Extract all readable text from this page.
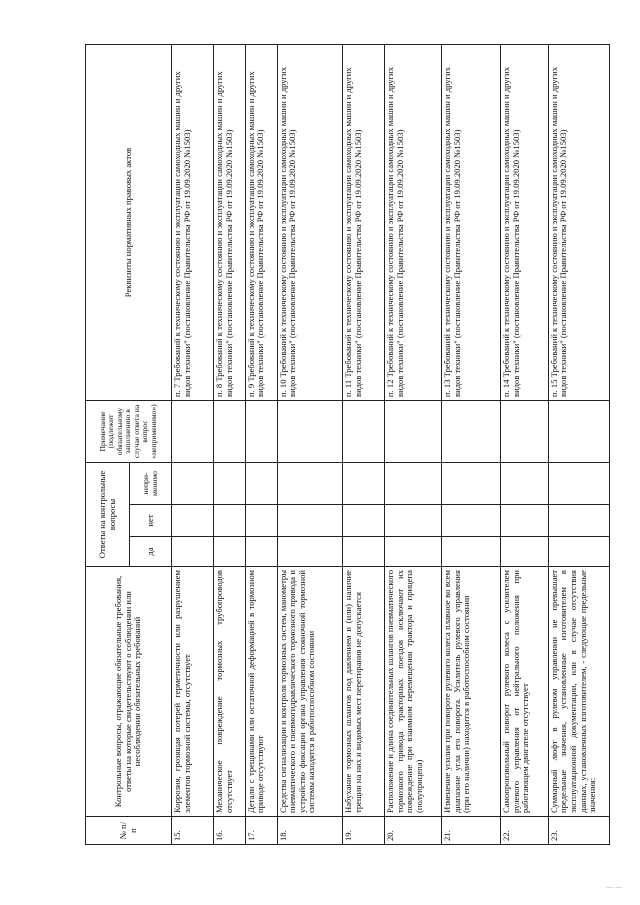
№ п/п	Контрольные вопросы, отражающие обязательные требования, ответы на которые свидетельствуют о соблюдении или несоблюдении обязательных требований	Ответы на контрольные вопросы			Примечание (подлежит обязательному заполнению в случае ответа на вопрос «неприменимо»)	Реквизиты нормативных правовых актов
		да	нет	непри-менимо		
15.	Коррозия, грозящая потерей герметичности или разрушением элементов тормозной системы, отсутствует					п. 7 Требований к техническому состоянию и эксплуатации самоходных машин и других видов техники" (постановление Правительства РФ от 19.09.2020 №1503)
16.	Механическое повреждение тормозных трубопроводов отсутствует					п. 8 Требований к техническому состоянию и эксплуатации самоходных машин и других видов техники" (постановление Правительства РФ от 19.09.2020 №1503)
17.	Детали с трещинами или остаточной деформацией в тормозном приводе отсутствуют					п. 9 Требований к техническому состоянию и эксплуатации самоходных машин и других видов техники" (постановление Правительства РФ от 19.09.2020 №1503)
18.	Средства сигнализации и контроля тормозных систем, манометры пневматического и пневмогидравлического тормозного привода и устройство фиксации органа управления стояночной тормозной системы находятся в работоспособном состоянии					п. 10 Требований к техническому состоянию и эксплуатации самоходных машин и других видов техники" (постановление Правительства РФ от 19.09.2020 №1503)
19.	Набухание тормозных шлангов под давлением и (или) наличие трещин на них и видимых мест перетирания не допускается					п. 11 Требований к техническому состоянию и эксплуатации самоходных машин и других видов техники" (постановление Правительства РФ от 19.09.2020 №1503)
20.	Расположение и длина соединительных шлангов пневматического тормозного привода тракторных поездов исключают их повреждение при взаимном перемещении трактора и прицепа (полуприцепа)					п. 12 Требований к техническому состоянию и эксплуатации самоходных машин и других видов техники" (постановление Правительства РФ от 19.09.2020 №1503)
21.	Изменение усилия при повороте рулевого колеса плавное во всем диапазоне угла его поворота. Усилитель рулевого управления (при его наличии) находится в работоспособном состоянии					п. 13 Требований к техническому состоянию и эксплуатации самоходных машин и других видов техники" (постановление Правительства РФ от 19.09.2020 №1503)
22.	Самопроизвольный поворот рулевого колеса с усилителем рулевого управления от нейтрального положения при работающем двигателе отсутствует					п. 14 Требований к техническому состоянию и эксплуатации самоходных машин и других видов техники" (постановление Правительства РФ от 19.09.2020 №1503)
23.	Суммарный люфт в рулевом управлении не превышает предельные значения, установленные изготовителем в эксплуатационной документации, или в случае отсутствия данных, установленных изготовителем, - следующие предельные значения:					п. 15 Требований к техническому состоянию и эксплуатации самоходных машин и других видов техники" (постановление Правительства РФ от 19.09.2020 №1503)
— —
